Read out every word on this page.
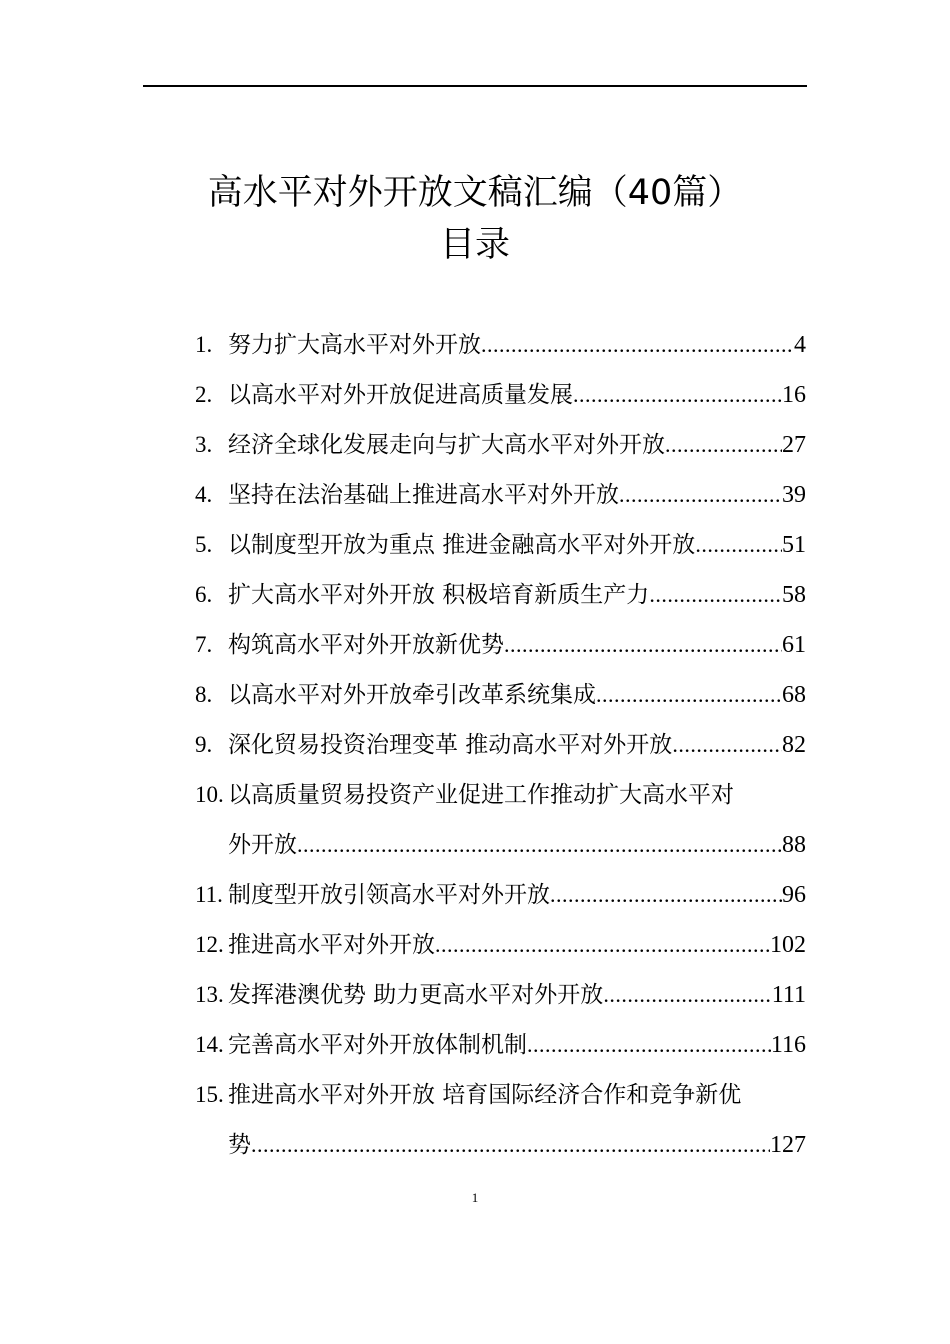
高水平对外开放文稿汇编（40篇）
目录
1. 努力扩大高水平对外开放 .....	4
2. 以高水平对外开放促进高质量发展 .....	16
3. 经济全球化发展走向与扩大高水平对外开放 .....	27
4. 坚持在法治基础上推进高水平对外开放 .....	39
5. 以制度型开放为重点 推进金融高水平对外开放 .....	51
6. 扩大高水平对外开放 积极培育新质生产力 .....	58
7. 构筑高水平对外开放新优势 .....	61
8. 以高水平对外开放牵引改革系统集成 .....	68
9. 深化贸易投资治理变革 推动高水平对外开放 .....	82
10. 以高质量贸易投资产业促进工作推动扩大高水平对
外开放 .....	88
11. 制度型开放引领高水平对外开放 .....	96
12. 推进高水平对外开放 .....	102
13. 发挥港澳优势 助力更高水平对外开放 .....	111
14. 完善高水平对外开放体制机制 .....	116
15. 推进高水平对外开放 培育国际经济合作和竞争新优
势 .....	127
1
